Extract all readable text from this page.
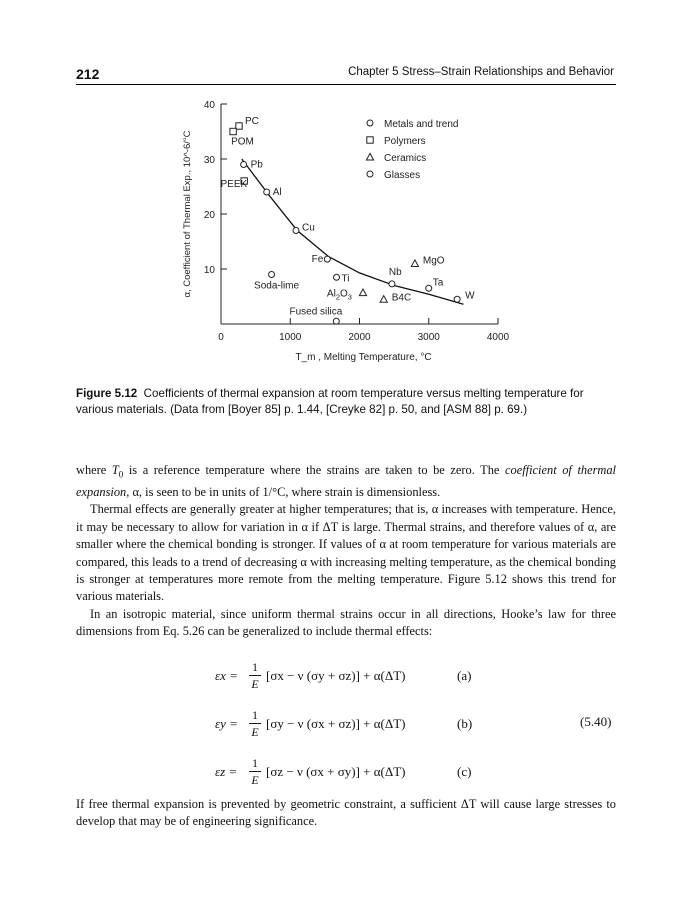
212	Chapter 5 Stress–Strain Relationships and Behavior
0	1000	2000	3000	4000
10
20
30
40
T_m , Melting Temperature, °C
α, Coefficient of Thermal Exp., 10^-6/°C	Pb
Al
Cu
Fe
Ti
Nb
Ta
W
PC
POM
PEEK
MgO
$Al_2O_3$	B4C
Soda-lime
Fused silica
Metals and trend
Polymers
Ceramics
Glasses
Figure 5.12 Coefficients of thermal expansion at room temperature versus melting temperature for various materials. (Data from [Boyer 85] p. 1.44, [Creyke 82] p. 50, and [ASM 88] p. 69.)

where $T_0$ is a reference temperature where the strains are taken to be zero. The coefficient of thermal expansion, α, is seen to be in units of 1/°C, where strain is dimensionless.

Thermal effects are generally greater at higher temperatures; that is, α increases with temperature. Hence, it may be necessary to allow for variation in α if ΔT is large. Thermal strains, and therefore values of α, are smaller where the chemical bonding is stronger. If values of α at room temperature for various materials are compared, this leads to a trend of decreasing α with increasing melting temperature, as the chemical bonding is stronger at temperatures more remote from the melting temperature. Figure 5.12 shows this trend for various materials.

In an isotropic material, since uniform thermal strains occur in all directions, Hooke’s law for three dimensions from Eq. 5.26 can be generalized to include thermal effects:

εx =
1
E
[σx − ν (σy + σz)] + α(ΔT)	(a)
εy =
1
E
[σy − ν (σx + σz)] + α(ΔT)	(b)
εz =
1
E
[σz − ν (σx + σy)] + α(ΔT)	(c)
(5.40)
If free thermal expansion is prevented by geometric constraint, a sufficient ΔT will cause large stresses to develop that may be of engineering significance.
